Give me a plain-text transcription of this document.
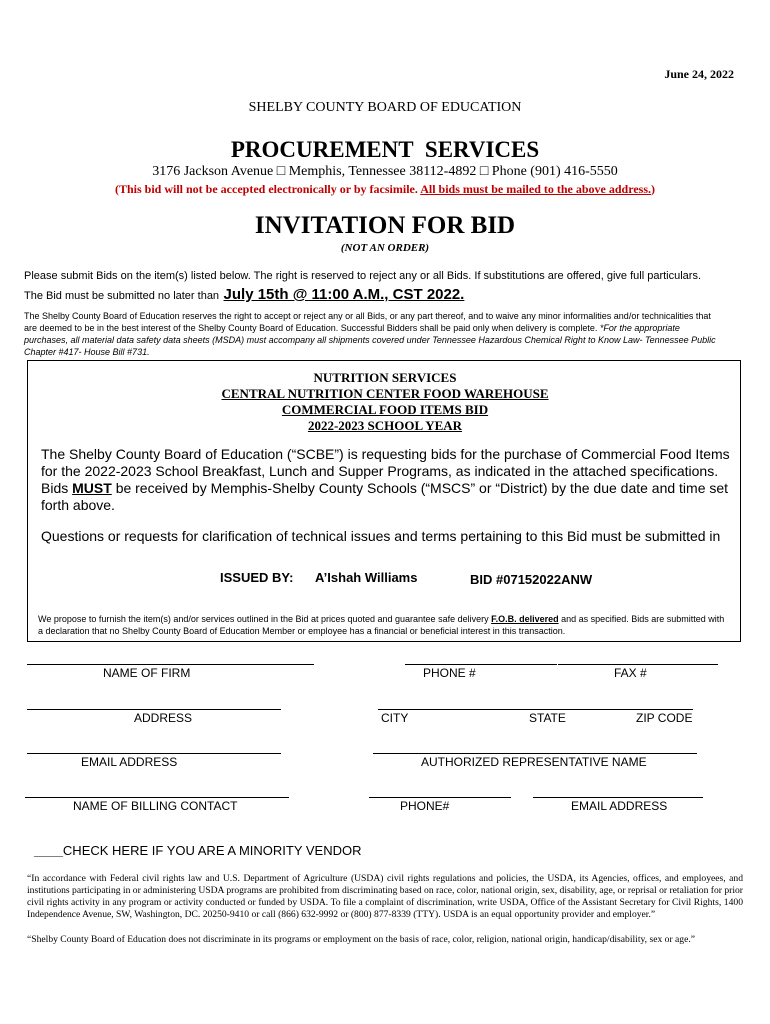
June 24, 2022
SHELBY COUNTY BOARD OF EDUCATION
PROCUREMENT SERVICES
3176 Jackson Avenue □ Memphis, Tennessee 38112-4892 □ Phone (901) 416-5550
(This bid will not be accepted electronically or by facsimile. All bids must be mailed to the above address.)
INVITATION FOR BID
(NOT AN ORDER)
Please submit Bids on the item(s) listed below. The right is reserved to reject any or all Bids. If substitutions are offered, give full particulars.
The Bid must be submitted no later than July 15th @ 11:00 A.M., CST 2022.
The Shelby County Board of Education reserves the right to accept or reject any or all Bids, or any part thereof, and to waive any minor informalities and/or technicalities that are deemed to be in the best interest of the Shelby County Board of Education. Successful Bidders shall be paid only when delivery is complete. *For the appropriate purchases, all material data safety data sheets (MSDA) must accompany all shipments covered under Tennessee Hazardous Chemical Right to Know Law- Tennessee Public Chapter #417- House Bill #731.
NUTRITION SERVICES
CENTRAL NUTRITION CENTER FOOD WAREHOUSE
COMMERCIAL FOOD ITEMS BID
2022-2023 SCHOOL YEAR
The Shelby County Board of Education (“SCBE”) is requesting bids for the purchase of Commercial Food Items for the 2022-2023 School Breakfast, Lunch and Supper Programs, as indicated in the attached specifications. Bids MUST be received by Memphis-Shelby County Schools (“MSCS” or “District) by the due date and time set forth above.
Questions or requests for clarification of technical issues and terms pertaining to this Bid must be submitted in
ISSUED BY: A’Ishah Williams	BID #07152022ANW
We propose to furnish the item(s) and/or services outlined in the Bid at prices quoted and guarantee safe delivery F.O.B. delivered and as specified. Bids are submitted with a declaration that no Shelby County Board of Education Member or employee has a financial or beneficial interest in this transaction.
NAME OF FIRM	PHONE #	FAX #
ADDRESS	CITY	STATE	ZIP CODE
EMAIL ADDRESS	AUTHORIZED REPRESENTATIVE NAME
NAME OF BILLING CONTACT	PHONE#	EMAIL ADDRESS
____CHECK HERE IF YOU ARE A MINORITY VENDOR
“In accordance with Federal civil rights law and U.S. Department of Agriculture (USDA) civil rights regulations and policies, the USDA, its Agencies, offices, and employees, and institutions participating in or administering USDA programs are prohibited from discriminating based on race, color, national origin, sex, disability, age, or reprisal or retaliation for prior civil rights activity in any program or activity conducted or funded by USDA. To file a complaint of discrimination, write USDA, Office of the Assistant Secretary for Civil Rights, 1400 Independence Avenue, SW, Washington, DC. 20250-9410 or call (866) 632-9992 or (800) 877-8339 (TTY). USDA is an equal opportunity provider and employer.”
“Shelby County Board of Education does not discriminate in its programs or employment on the basis of race, color, religion, national origin, handicap/disability, sex or age.”
